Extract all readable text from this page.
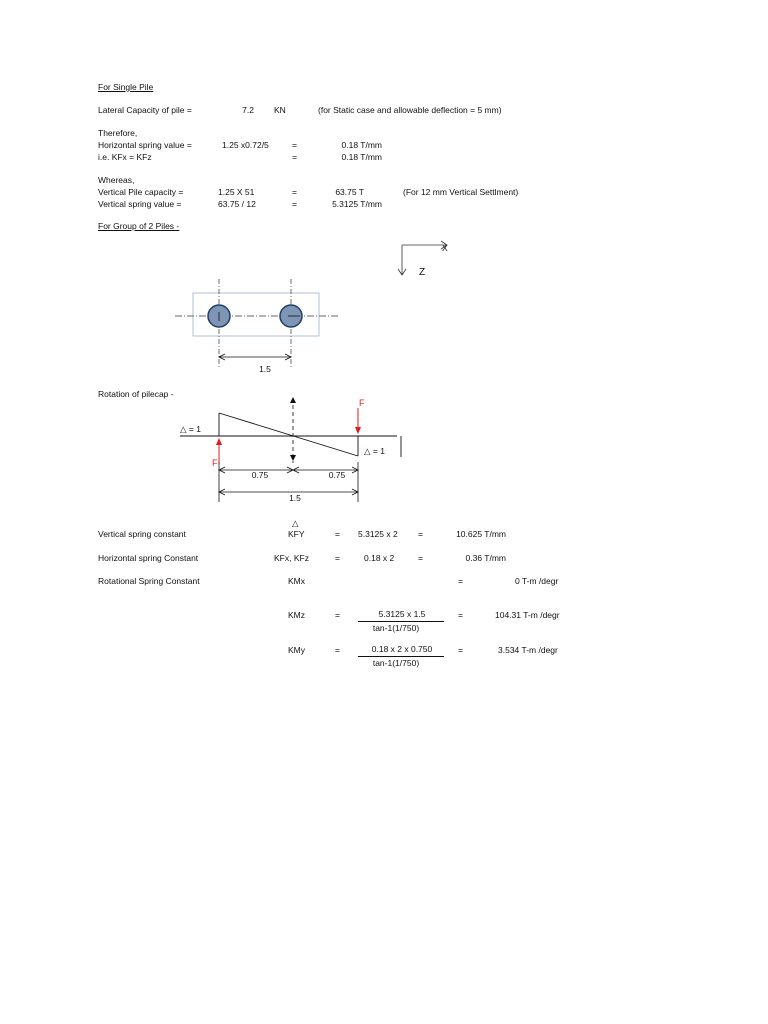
For Single Pile
Lateral Capacity of pile =	7.2 KN	(for Static case and allowable deflection = 5 mm)
Therefore,
Horizontal spring value =	1.25 x0.72/5	=	0.18 T/mm
i.e. KFx = KFz	=	0.18 T/mm
Whereas,
Vertical Pile capacity =	1.25 X 51	=	63.75 T	(For 12 mm Vertical Settlment)
Vertical spring value =	63.75 / 12	=	5.3125 T/mm
For Group of 2 Piles -
X
Z
1.5
Rotation of pilecap -
F
F
△ = 1
△ = 1
0.75	0.75
1.5
△
Vertical spring constant	KFY	= 5.3125 x 2 =	10.625 T/mm
Horizontal spring Constant	KFx, KFz	=	0.18 x 2	=	0.36 T/mm
Rotational Spring Constant	KMx	=	0 T-m /degr
KMz	=	5.3125 x 1.5
tan-1(1/750)
=	104.31 T-m /degr
KMy	=	0.18 x 2 x 0.750
tan-1(1/750)
=	3.534 T-m /degr
